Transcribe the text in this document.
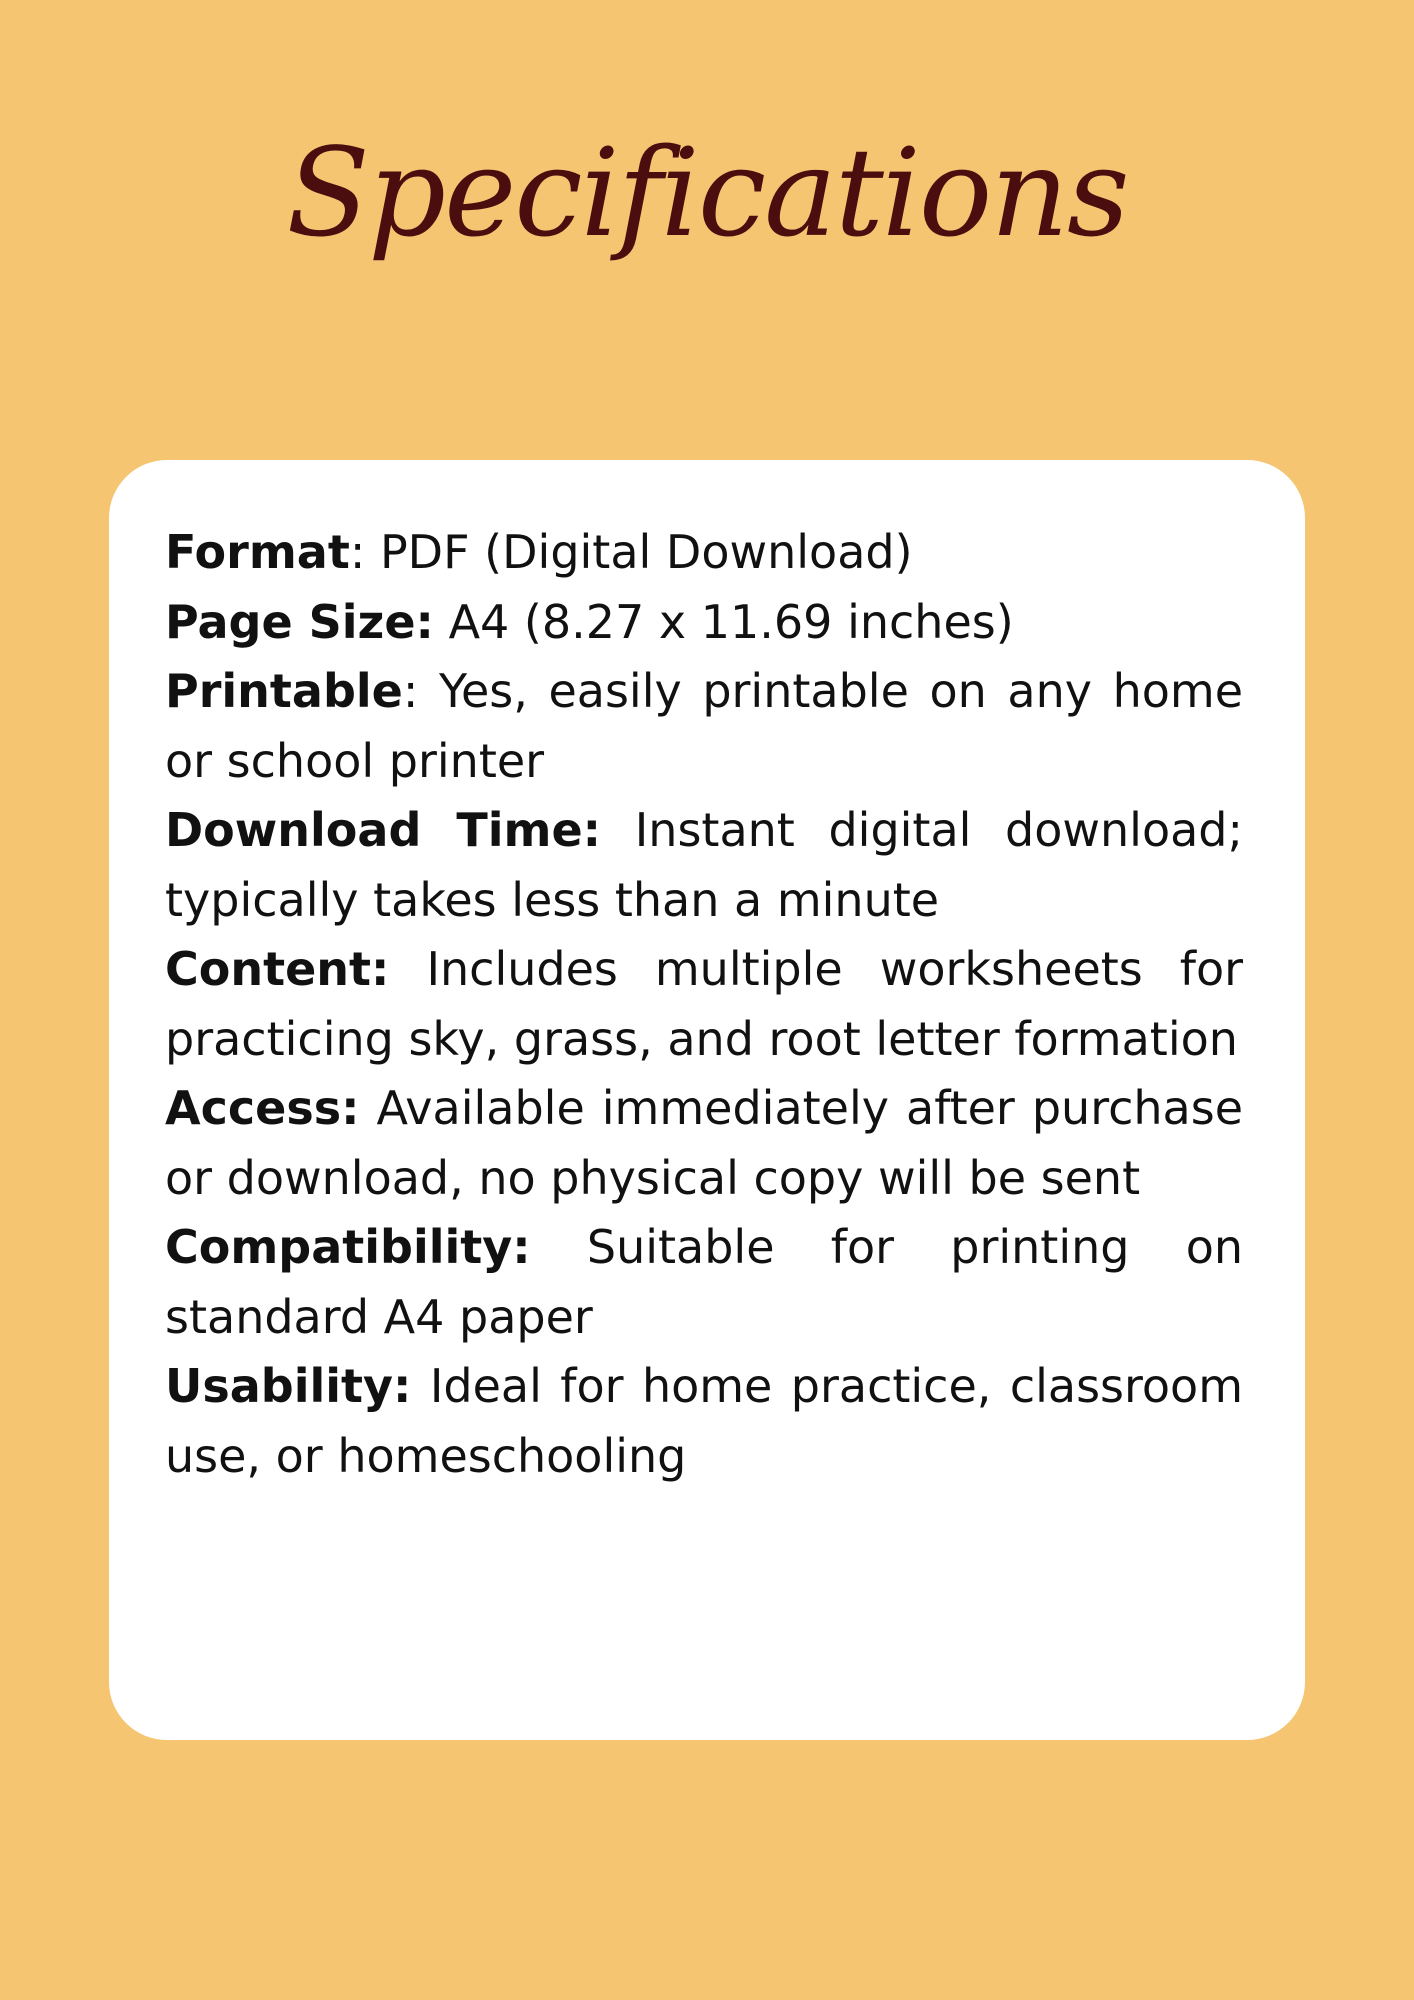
Specifications
Format: PDF (Digital Download)
Page Size: A4 (8.27 x 11.69 inches)
Printable: Yes, easily printable on any home or school printer
Download Time: Instant digital download; typically takes less than a minute
Content: Includes multiple worksheets for practicing sky, grass, and root letter formation
Access: Available immediately after purchase or download, no physical copy will be sent
Compatibility: Suitable for printing on standard A4 paper
Usability: Ideal for home practice, classroom use, or homeschooling
